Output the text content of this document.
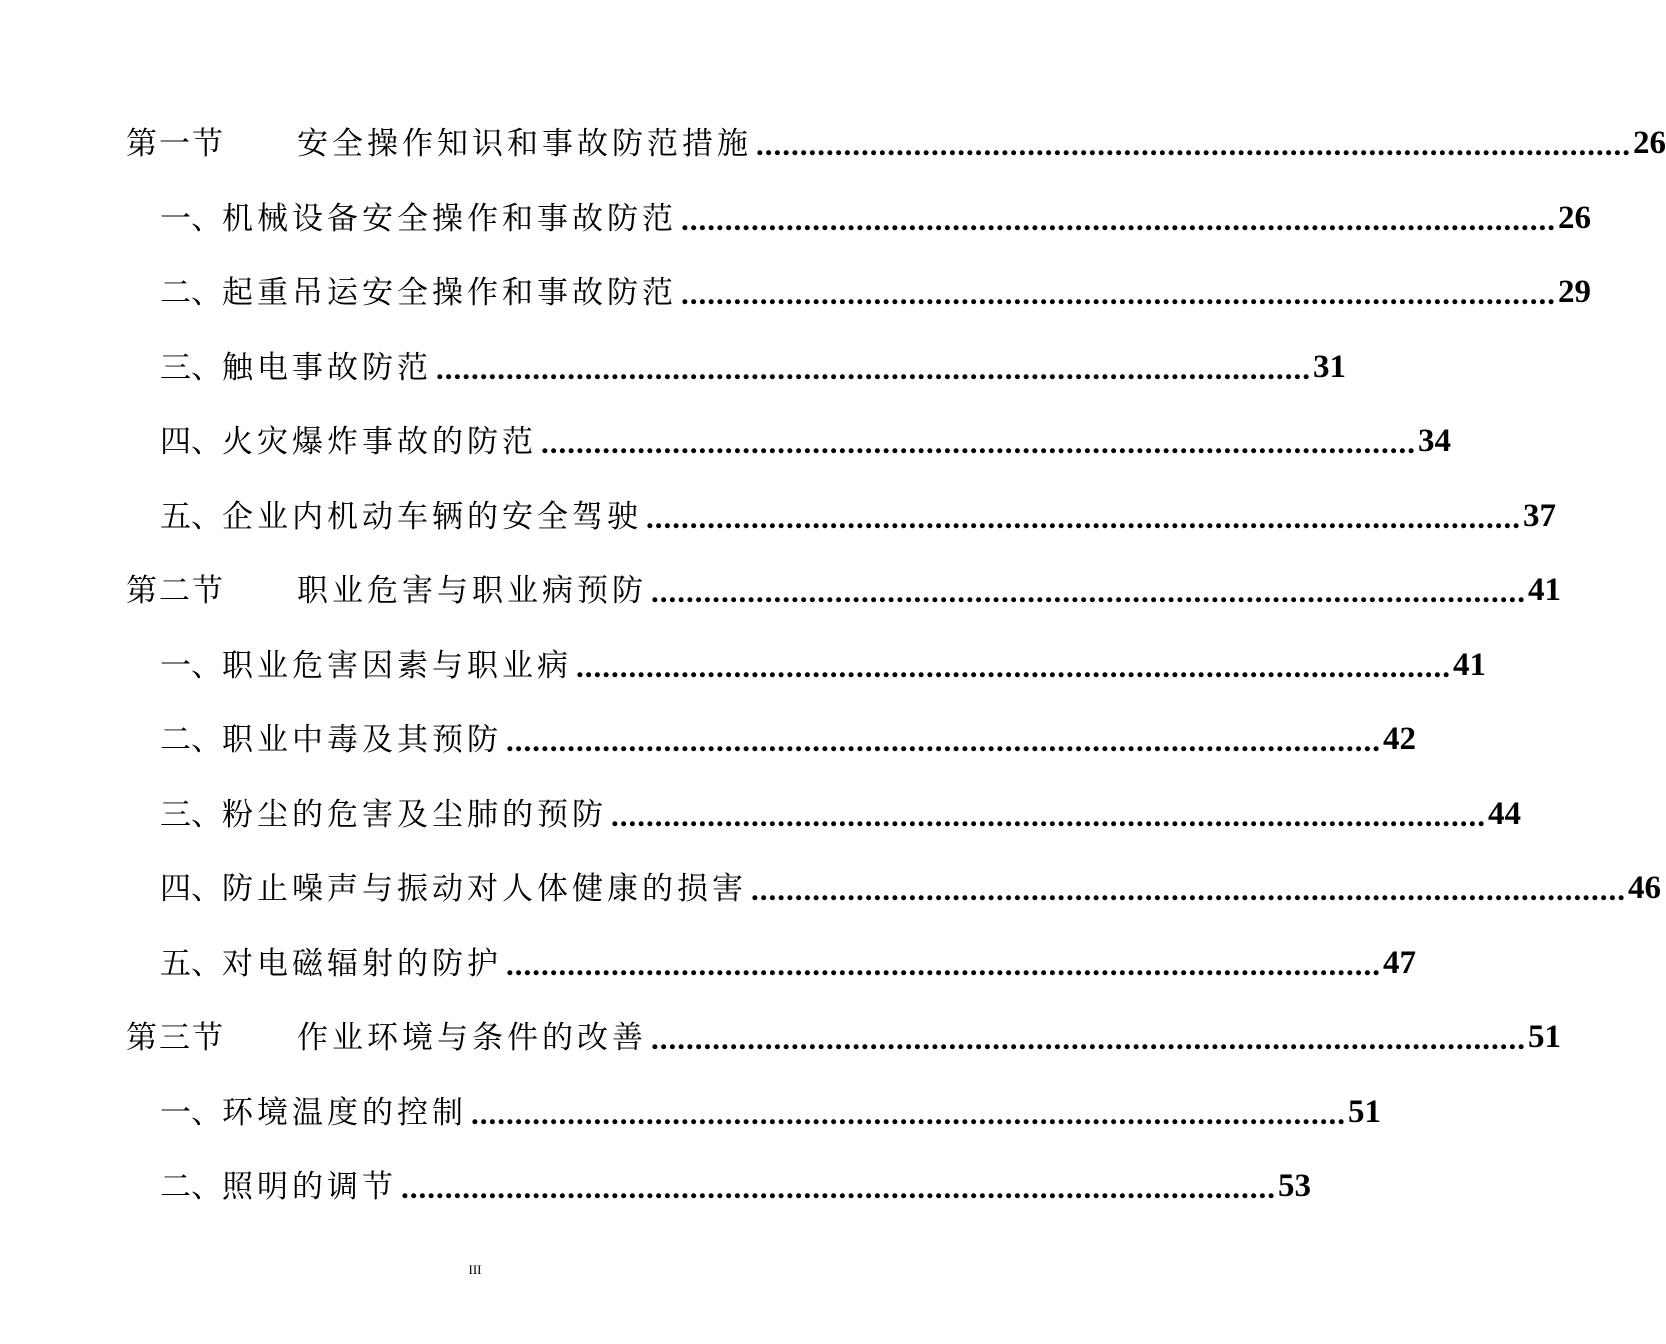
第一节 安全操作知识和事故防范措施 .................................................................................................... 26
一、 机械设备安全操作和事故防范 .................................................................................................... 26
二、 起重吊运安全操作和事故防范 .................................................................................................... 29
三、 触电事故防范 .................................................................................................... 31
四、 火灾爆炸事故的防范 .................................................................................................... 34
五、 企业内机动车辆的安全驾驶 .................................................................................................... 37
第二节 职业危害与职业病预防 .................................................................................................... 41
一、 职业危害因素与职业病 .................................................................................................... 41
二、 职业中毒及其预防 .................................................................................................... 42
三、 粉尘的危害及尘肺的预防 .................................................................................................... 44
四、 防止噪声与振动对人体健康的损害 .................................................................................................... 46
五、 对电磁辐射的防护 .................................................................................................... 47
第三节 作业环境与条件的改善 .................................................................................................... 51
一、 环境温度的控制 .................................................................................................... 51
二、 照明的调节 .................................................................................................... 53
III
